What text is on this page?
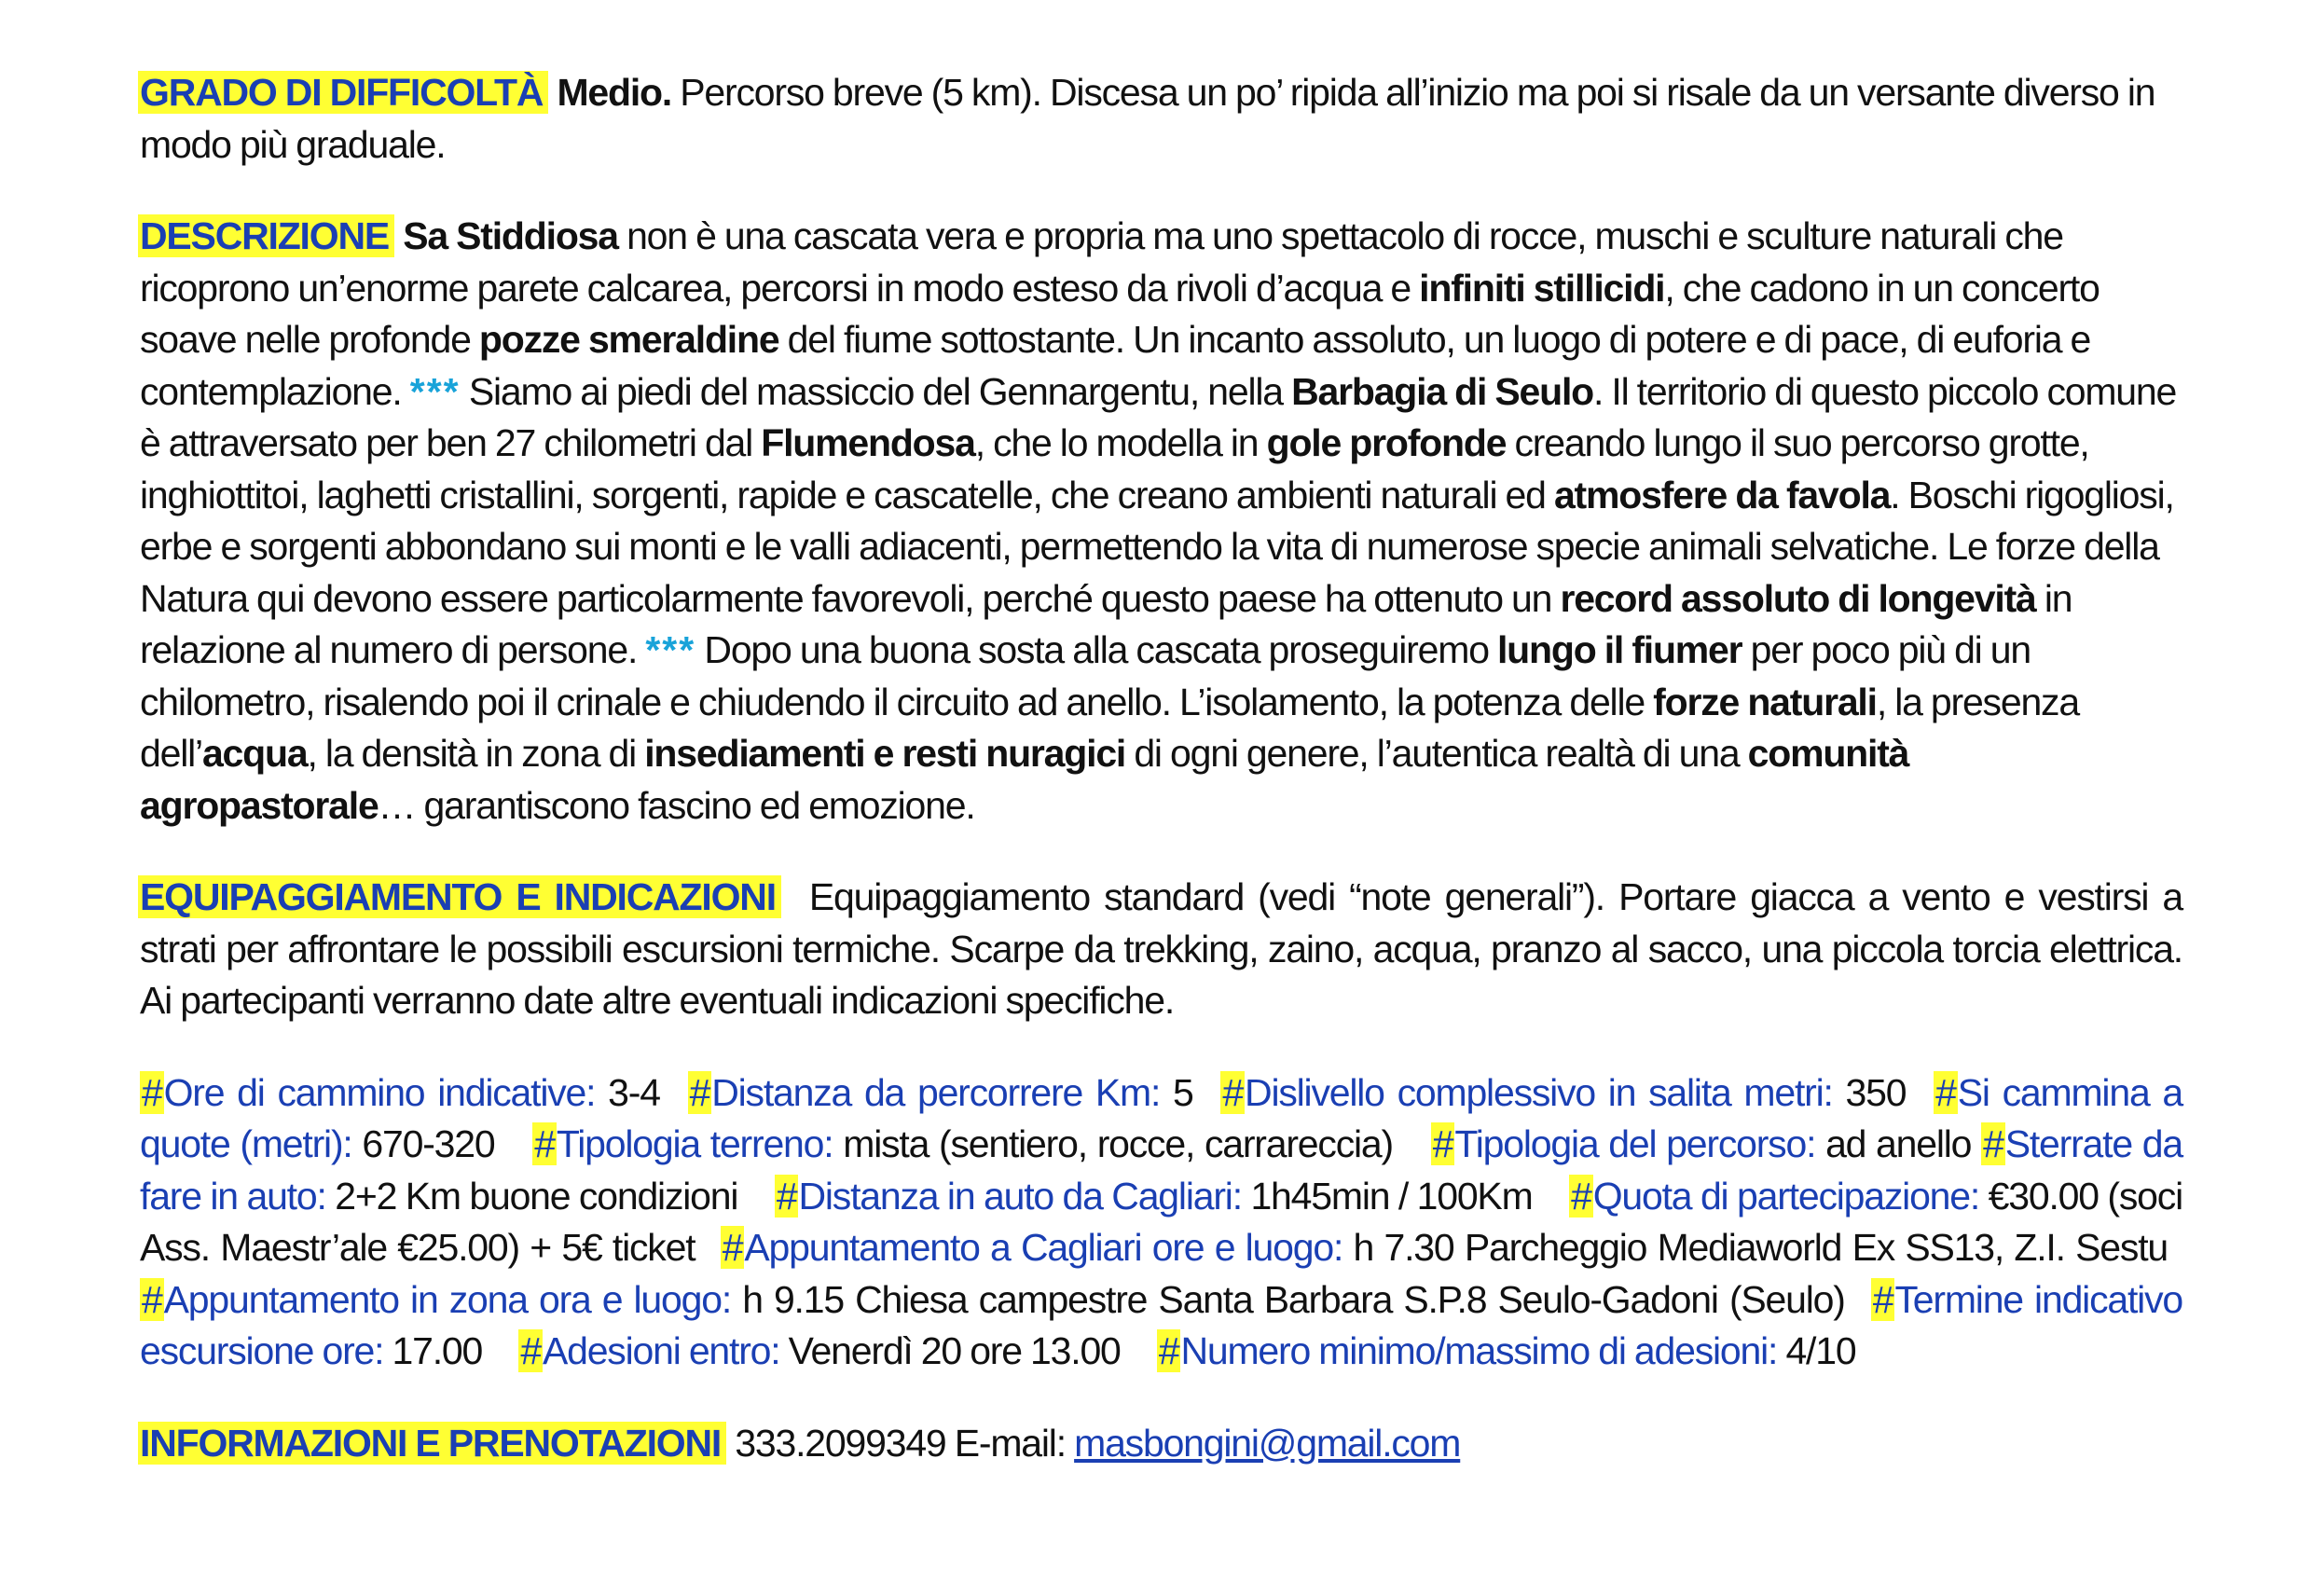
GRADO DI DIFFICOLTÀ Medio. Percorso breve (5 km). Discesa un po’ ripida all’inizio ma poi si risale da un versante diverso in modo più graduale.
DESCRIZIONE Sa Stiddiosa non è una cascata vera e propria ma uno spettacolo di rocce, muschi e sculture naturali che ricoprono un’enorme parete calcarea, percorsi in modo esteso da rivoli d’acqua e infiniti stillicidi, che cadono in un concerto soave nelle profonde pozze smeraldine del fiume sottostante. Un incanto assoluto, un luogo di potere e di pace, di euforia e contemplazione. *** Siamo ai piedi del massiccio del Gennargentu, nella Barbagia di Seulo. Il territorio di questo piccolo comune è attraversato per ben 27 chilometri dal Flumendosa, che lo modella in gole profonde creando lungo il suo percorso grotte, inghiottitoi, laghetti cristallini, sorgenti, rapide e cascatelle, che creano ambienti naturali ed atmosfere da favola. Boschi rigogliosi, erbe e sorgenti abbondano sui monti e le valli adiacenti, permettendo la vita di numerose specie animali selvatiche. Le forze della Natura qui devono essere particolarmente favorevoli, perché questo paese ha ottenuto un record assoluto di longevità in relazione al numero di persone. *** Dopo una buona sosta alla cascata proseguiremo lungo il fiumer per poco più di un chilometro, risalendo poi il crinale e chiudendo il circuito ad anello. L’isolamento, la potenza delle forze naturali, la presenza dell’acqua, la densità in zona di insediamenti e resti nuragici di ogni genere, l’autentica realtà di una comunità agropastorale… garantiscono fascino ed emozione.
EQUIPAGGIAMENTO E INDICAZIONI Equipaggiamento standard (vedi “note generali”). Portare giacca a vento e vestirsi a strati per affrontare le possibili escursioni termiche. Scarpe da trekking, zaino, acqua, pranzo al sacco, una piccola torcia elettrica. Ai partecipanti verranno date altre eventuali indicazioni specifiche.
#Ore di cammino indicative: 3-4 #Distanza da percorrere Km: 5 #Dislivello complessivo in salita metri: 350 #Si cammina a quote (metri): 670-320 #Tipologia terreno: mista (sentiero, rocce, carrareccia) #Tipologia del percorso: ad anello #Sterrate da fare in auto: 2+2 Km buone condizioni #Distanza in auto da Cagliari: 1h45min / 100Km #Quota di partecipazione: €30.00 (soci Ass. Maestr’ale €25.00) + 5€ ticket #Appuntamento a Cagliari ore e luogo: h 7.30 Parcheggio Mediaworld Ex SS13, Z.I. Sestu #Appuntamento in zona ora e luogo: h 9.15 Chiesa campestre Santa Barbara S.P.8 Seulo-Gadoni (Seulo) #Termine indicativo escursione ore: 17.00 #Adesioni entro: Venerdì 20 ore 13.00 #Numero minimo/massimo di adesioni: 4/10
INFORMAZIONI E PRENOTAZIONI 333.2099349 E-mail: masbongini@gmail.com
